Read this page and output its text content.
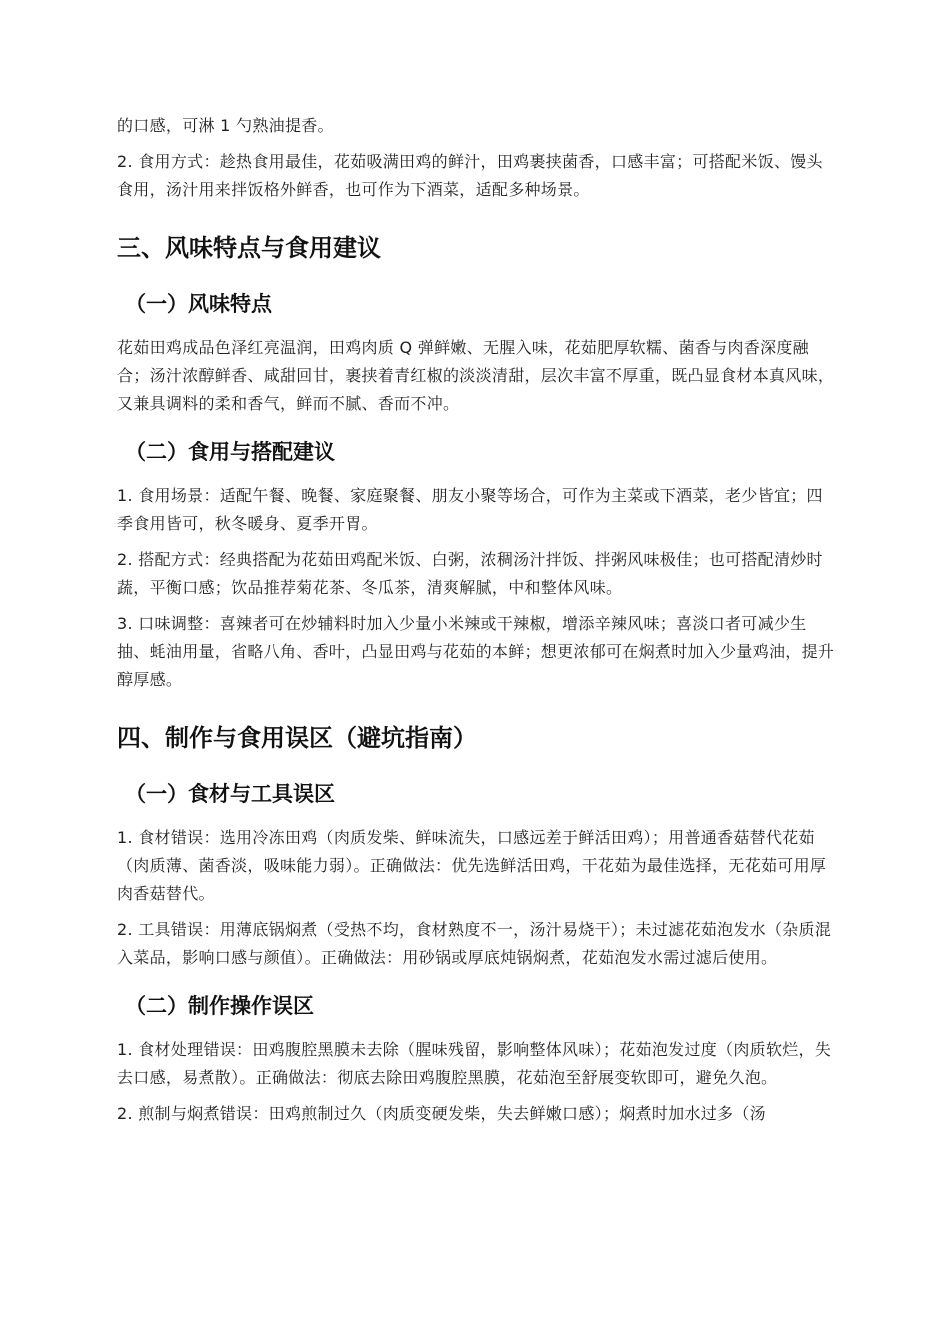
的口感，可淋 1 勺熟油提香。

2. 食用方式：趁热食用最佳，花茹吸满田鸡的鲜汁，田鸡裹挟菌香，口感丰富；可搭配米饭、馒头食用，汤汁用来拌饭格外鲜香，也可作为下酒菜，适配多种场景。

三、风味特点与食用建议
（一）风味特点

花茹田鸡成品色泽红亮温润，田鸡肉质 Q 弹鲜嫩、无腥入味，花茹肥厚软糯、菌香与肉香深度融合；汤汁浓醇鲜香、咸甜回甘，裹挟着青红椒的淡淡清甜，层次丰富不厚重，既凸显食材本真风味，又兼具调料的柔和香气，鲜而不腻、香而不冲。

（二）食用与搭配建议

1. 食用场景：适配午餐、晚餐、家庭聚餐、朋友小聚等场合，可作为主菜或下酒菜，老少皆宜；四季食用皆可，秋冬暖身、夏季开胃。

2. 搭配方式：经典搭配为花茹田鸡配米饭、白粥，浓稠汤汁拌饭、拌粥风味极佳；也可搭配清炒时蔬，平衡口感；饮品推荐菊花茶、冬瓜茶，清爽解腻，中和整体风味。

3. 口味调整：喜辣者可在炒辅料时加入少量小米辣或干辣椒，增添辛辣风味；喜淡口者可减少生抽、蚝油用量，省略八角、香叶，凸显田鸡与花茹的本鲜；想更浓郁可在焖煮时加入少量鸡油，提升醇厚感。

四、制作与食用误区（避坑指南）
（一）食材与工具误区

1. 食材错误：选用冷冻田鸡（肉质发柴、鲜味流失，口感远差于鲜活田鸡）；用普通香菇替代花茹（肉质薄、菌香淡，吸味能力弱）。正确做法：优先选鲜活田鸡，干花茹为最佳选择，无花茹可用厚肉香菇替代。

2. 工具错误：用薄底锅焖煮（受热不均，食材熟度不一，汤汁易烧干）；未过滤花茹泡发水（杂质混入菜品，影响口感与颜值）。正确做法：用砂锅或厚底炖锅焖煮，花茹泡发水需过滤后使用。

（二）制作操作误区

1. 食材处理错误：田鸡腹腔黑膜未去除（腥味残留，影响整体风味）；花茹泡发过度（肉质软烂，失去口感，易煮散）。正确做法：彻底去除田鸡腹腔黑膜，花茹泡至舒展变软即可，避免久泡。

2. 煎制与焖煮错误：田鸡煎制过久（肉质变硬发柴，失去鲜嫩口感）；焖煮时加水过多（汤
